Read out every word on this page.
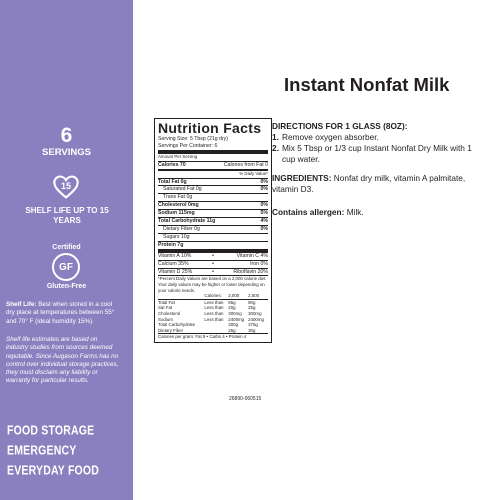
6
SERVINGS
15
SHELF LIFE UP TO 15 YEARS
Certified
GF
Gluten-Free
Shelf Life: Best when stored in a cool dry place at temperatures between 55° and 70° F (ideal humidity 15%).
Shelf life estimates are based on industry studies from sources deemed reputable. Since Augason Farms has no control over individual storage practices, they must disclaim any liability or warranty for particular results.
FOOD STORAGE
EMERGENCY
EVERYDAY FOOD
Instant Nonfat Milk
Nutrition Facts
Serving Size: 5 Tbsp (21g dry)
Servings Per Container: 6
Amount Per Serving
Calories 70	Calories from Fat 0
% Daily Value*
Total Fat 0g	0%
Saturated Fat 0g	0%
Trans Fat 0g
Cholesterol 0mg	0%
Sodium 115mg	5%
Total Carbohydrate 11g	4%
Dietary Fiber 0g	0%
Sugars 10g
Protein 7g
Vitamin A 10%	•	Vitamin C 4%
Calcium 35%	•	Iron 0%
Vitamin D 25%	•	Riboflavin 20%
*Percent Daily Values are based on a 2,000 calorie diet. Your daily values may be higher or lower depending on your calorie needs.
	Calories:	2,000	2,500
Total Fat	Less than	65g	80g
Sat Fat	Less than	20g	25g
Cholesterol	Less than	300mg	300mg
Sodium	Less than	2400mg	2400mg
Total Carbohydrate		300g	375g
Dietary Fiber		25g	30g
Calories per gram: Fat 9 • Carbs 4 • Protein 4
26890-060515
DIRECTIONS FOR 1 GLASS (8OZ):
1. Remove oxygen absorber.
2. Mix 5 Tbsp or 1/3 cup Instant Nonfat Dry Milk with 1 cup water.
INGREDIENTS: Nonfat dry milk, vitamin A palmitate, vitamin D3.
Contains allergen: Milk.
